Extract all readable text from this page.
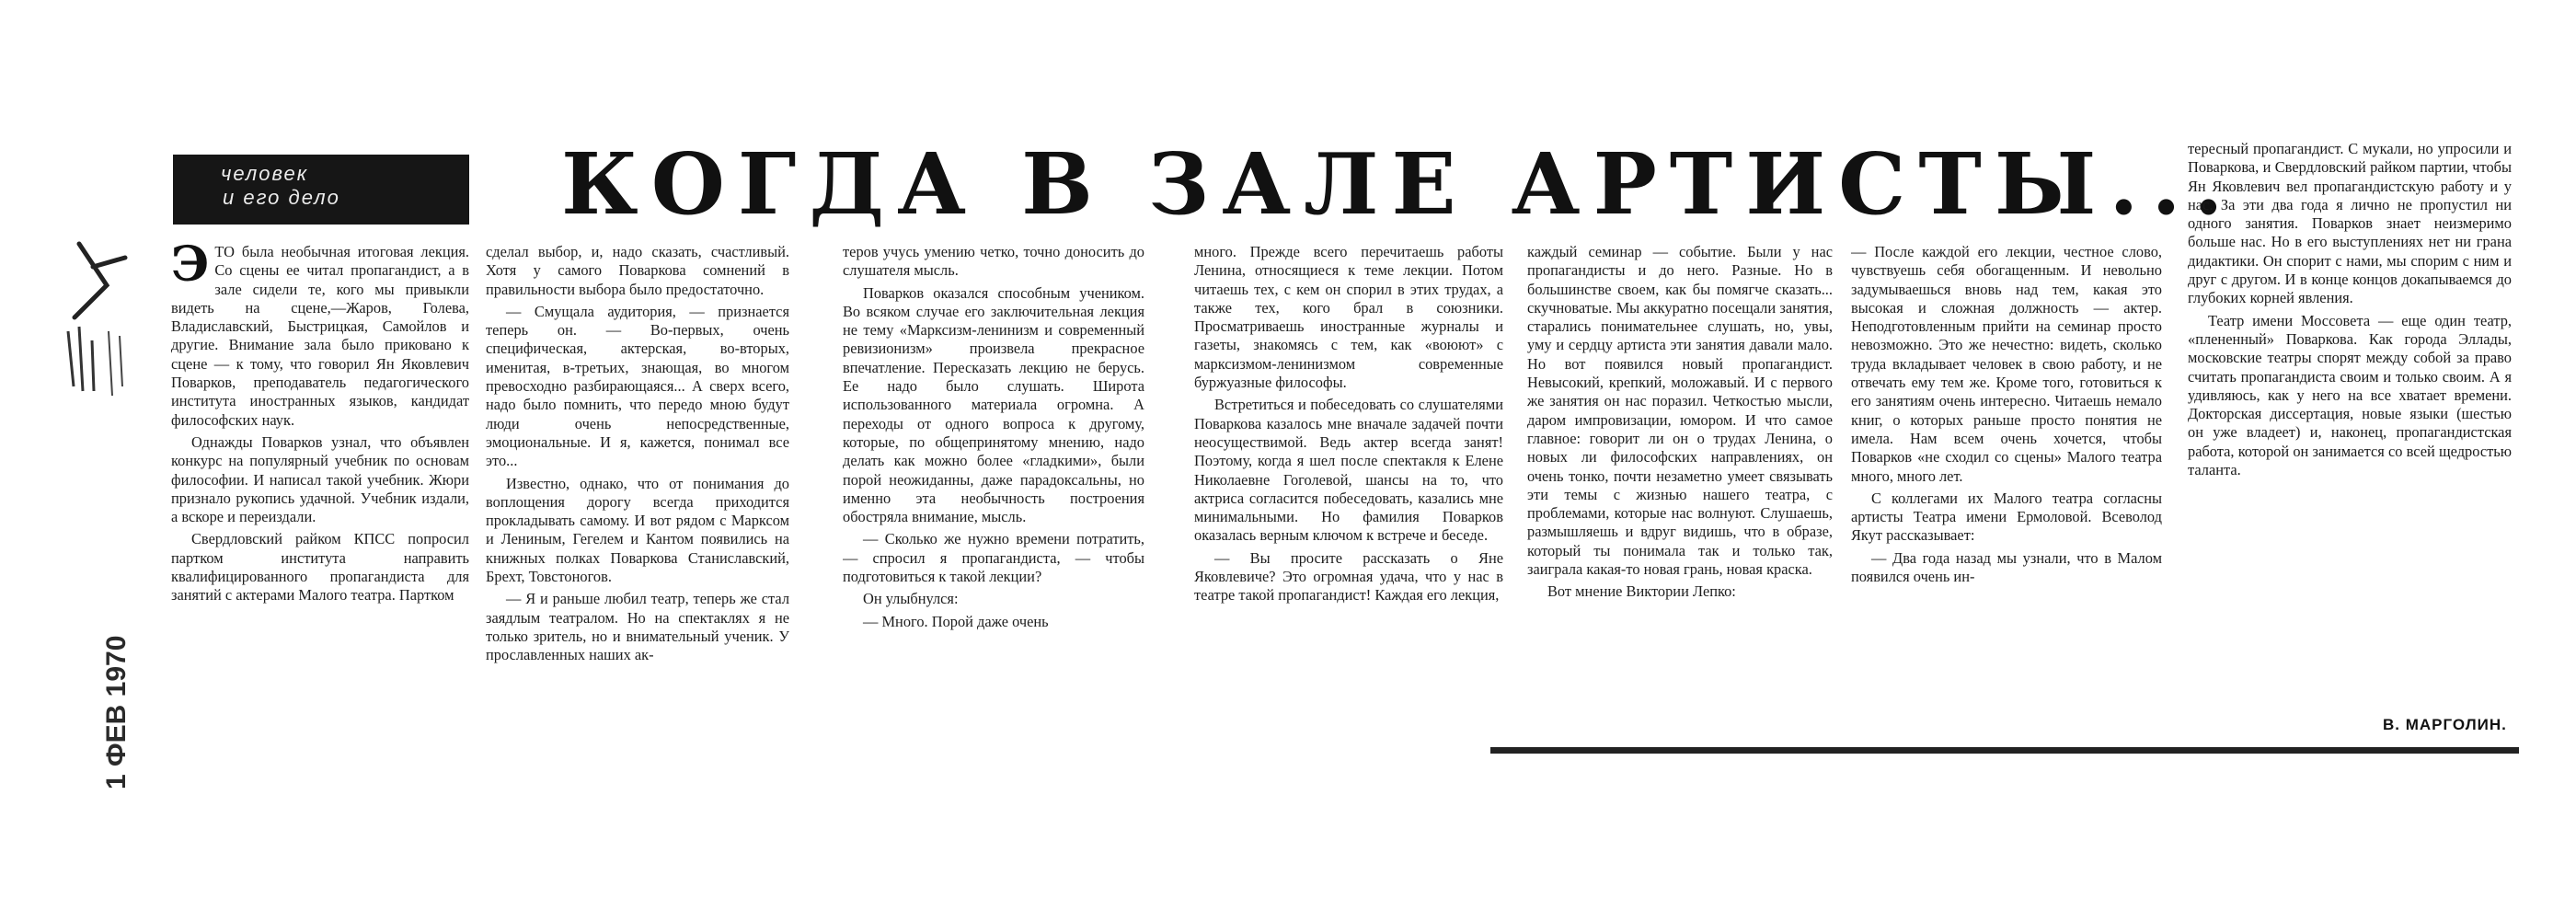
1 ФЕВ 1970
человек
и его дело	КОГДА В ЗАЛЕ АРТИСТЫ...

ЭТО была необычная итоговая лекция. Со сцены ее читал пропагандист, а в зале сидели те, кого мы привыкли видеть на сцене,—Жаров, Голева, Владиславский, Быстрицкая, Самойлов и другие. Внимание зала было приковано к сцене — к тому, что говорил Ян Яковлевич Поварков, преподаватель педагогического института иностранных языков, кандидат философских наук.

Однажды Поварков узнал, что объявлен конкурс на популярный учебник по основам философии. И написал такой учебник. Жюри признало рукопись удачной. Учебник издали, а вскоре и переиздали.

Свердловский райком КПСС попросил партком института направить квалифицированного пропагандиста для занятий с актерами Малого театра. Партком

сделал выбор, и, надо сказать, счастливый. Хотя у самого Поваркова сомнений в правильности выбора было предостаточно.

— Смущала аудитория, — признается теперь он. — Во-первых, очень специфическая, актерская, во-вторых, именитая, в-третьих, знающая, во многом превосходно разбирающаяся... А сверх всего, надо было помнить, что передо мною будут люди очень непосредственные, эмоциональные. И я, кажется, понимал все это...

Известно, однако, что от понимания до воплощения дорогу всегда приходится прокладывать самому. И вот рядом с Марксом и Лениным, Гегелем и Кантом появились на книжных полках Поваркова Станиславский, Брехт, Товстоногов.

— Я и раньше любил театр, теперь же стал заядлым театралом. Но на спектаклях я не только зритель, но и внимательный ученик. У прославленных наших ак-

теров учусь умению четко, точно доносить до слушателя мысль.

Поварков оказался способным учеником. Во всяком случае его заключительная лекция не тему «Марксизм-ленинизм и современный ревизионизм» произвела прекрасное впечатление. Пересказать лекцию не берусь. Ее надо было слушать. Широта использованного материала огромна. А переходы от одного вопроса к другому, которые, по общепринятому мнению, надо делать как можно более «гладкими», были порой неожиданны, даже парадоксальны, но именно эта необычность построения обостряла внимание, мысль.

— Сколько же нужно времени потратить, — спросил я пропагандиста, — чтобы подготовиться к такой лекции?

Он улыбнулся:

— Много. Порой даже очень

много. Прежде всего перечитаешь работы Ленина, относящиеся к теме лекции. Потом читаешь тех, с кем он спорил в этих трудах, а также тех, кого брал в союзники. Просматриваешь иностранные журналы и газеты, знакомясь с тем, как «воюют» с марксизмом-ленинизмом современные буржуазные философы.

Встретиться и побеседовать со слушателями Поваркова казалось мне вначале задачей почти неосуществимой. Ведь актер всегда занят! Поэтому, когда я шел после спектакля к Елене Николаевне Гоголевой, шансы на то, что актриса согласится побеседовать, казались мне минимальными. Но фамилия Поварков оказалась верным ключом к встрече и беседе.

— Вы просите рассказать о Яне Яковлевиче? Это огромная удача, что у нас в театре такой пропагандист! Каждая его лекция,

каждый семинар — событие. Были у нас пропагандисты и до него. Разные. Но в большинстве своем, как бы помягче сказать... скучноватые. Мы аккуратно посещали занятия, старались понимательнее слушать, но, увы, уму и сердцу артиста эти занятия давали мало. Но вот появился новый пропагандист. Невысокий, крепкий, моложавый. И с первого же занятия он нас поразил. Четкостью мысли, даром импровизации, юмором. И что самое главное: говорит ли он о трудах Ленина, о новых ли философских направлениях, он очень тонко, почти незаметно умеет связывать эти темы с жизнью нашего театра, с проблемами, которые нас волнуют. Слушаешь, размышляешь и вдруг видишь, что в образе, который ты понимала так и только так, заиграла какая-то новая грань, новая краска.

Вот мнение Виктории Лепко:

— После каждой его лекции, честное слово, чувствуешь себя обогащенным. И невольно задумываешься вновь над тем, какая это высокая и сложная должность — актер. Неподготовленным прийти на семинар просто невозможно. Это же нечестно: видеть, сколько труда вкладывает человек в свою работу, и не отвечать ему тем же. Кроме того, готовиться к его занятиям очень интересно. Читаешь немало книг, о которых раньше просто понятия не имела. Нам всем очень хочется, чтобы Поварков «не сходил со сцены» Малого театра много, много лет.

С коллегами их Малого театра согласны артисты Театра имени Ермоловой. Всеволод Якут рассказывает:

— Два года назад мы узнали, что в Малом появился очень ин-

тересный пропагандист. С мукали, но упросили и Поваркова, и Свердловский райком партии, чтобы Ян Яковлевич вел пропагандистскую работу и у нас. За эти два года я лично не пропустил ни одного занятия. Поварков знает неизмеримо больше нас. Но в его выступлениях нет ни грана дидактики. Он спорит с нами, мы спорим с ним и друг с другом. И в конце концов докапываемся до глубоких корней явления.

Театр имени Моссовета — еще один театр, «плененный» Поварковa. Как города Эллады, московские театры спорят между собой за право считать пропагандиста своим и только своим. А я удивляюсь, как у него на все хватает времени. Докторская диссертация, новые языки (шестью он уже владеет) и, наконец, пропагандистская работа, которой он занимается со всей щедростью таланта.

В. МАРГОЛИН.
